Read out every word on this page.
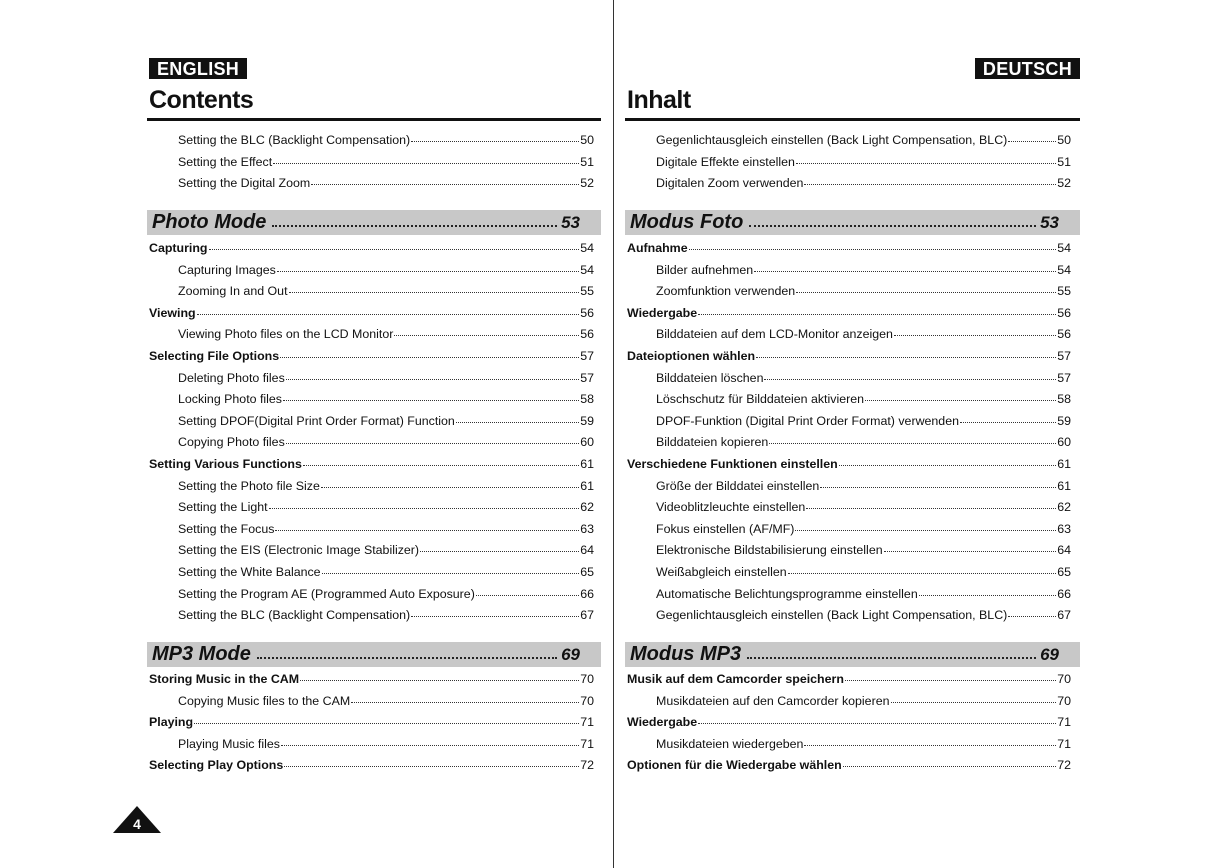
ENGLISH
Contents
Setting the BLC (Backlight Compensation)	50
Setting the Effect	51
Setting the Digital Zoom	52
Photo Mode	53
Capturing	54
Capturing Images	54
Zooming In and Out	55
Viewing	56
Viewing Photo files on the LCD Monitor	56
Selecting File Options	57
Deleting Photo files	57
Locking Photo files	58
Setting DPOF(Digital Print Order Format) Function	59
Copying Photo files	60
Setting Various Functions	61
Setting the Photo file Size	61
Setting the Light	62
Setting the Focus	63
Setting the EIS (Electronic Image Stabilizer)	64
Setting the White Balance	65
Setting the Program AE (Programmed Auto Exposure)	66
Setting the BLC (Backlight Compensation)	67
MP3 Mode	69
Storing Music in the CAM	70
Copying Music files to the CAM	70
Playing	71
Playing Music files	71
Selecting Play Options	72
DEUTSCH
Inhalt
Gegenlichtausgleich einstellen (Back Light Compensation, BLC)	50
Digitale Effekte einstellen	51
Digitalen Zoom verwenden	52
Modus Foto	53
Aufnahme	54
Bilder aufnehmen	54
Zoomfunktion verwenden	55
Wiedergabe	56
Bilddateien auf dem LCD-Monitor anzeigen	56
Dateioptionen wählen	57
Bilddateien löschen	57
Löschschutz für Bilddateien aktivieren	58
DPOF-Funktion (Digital Print Order Format) verwenden	59
Bilddateien kopieren	60
Verschiedene Funktionen einstellen	61
Größe der Bilddatei einstellen	61
Videoblitzleuchte einstellen	62
Fokus einstellen (AF/MF)	63
Elektronische Bildstabilisierung einstellen	64
Weißabgleich einstellen	65
Automatische Belichtungsprogramme einstellen	66
Gegenlichtausgleich einstellen (Back Light Compensation, BLC)	67
Modus MP3	69
Musik auf dem Camcorder speichern	70
Musikdateien auf den Camcorder kopieren	70
Wiedergabe	71
Musikdateien wiedergeben	71
Optionen für die Wiedergabe wählen	72
4
